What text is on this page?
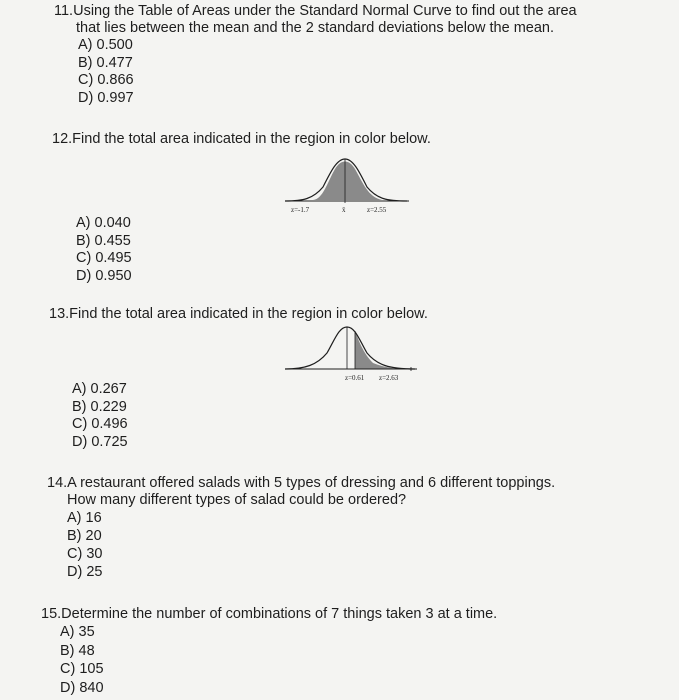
11.Using the Table of Areas under the Standard Normal Curve to find out the area
that lies between the mean and the 2 standard deviations below the mean.
A) 0.500
B) 0.477
C) 0.866
D) 0.997
12.Find the total area indicated in the region in color below.
z=-1.7	x̄	z=2.55
A) 0.040
B) 0.455
C) 0.495
D) 0.950
13.Find the total area indicated in the region in color below.
z=0.61 z=2.63
A) 0.267
B) 0.229
C) 0.496
D) 0.725
14.A restaurant offered salads with 5 types of dressing and 6 different toppings.
How many different types of salad could be ordered?
A) 16
B) 20
C) 30
D) 25
15.Determine the number of combinations of 7 things taken 3 at a time.
A) 35
B) 48
C) 105
D) 840
